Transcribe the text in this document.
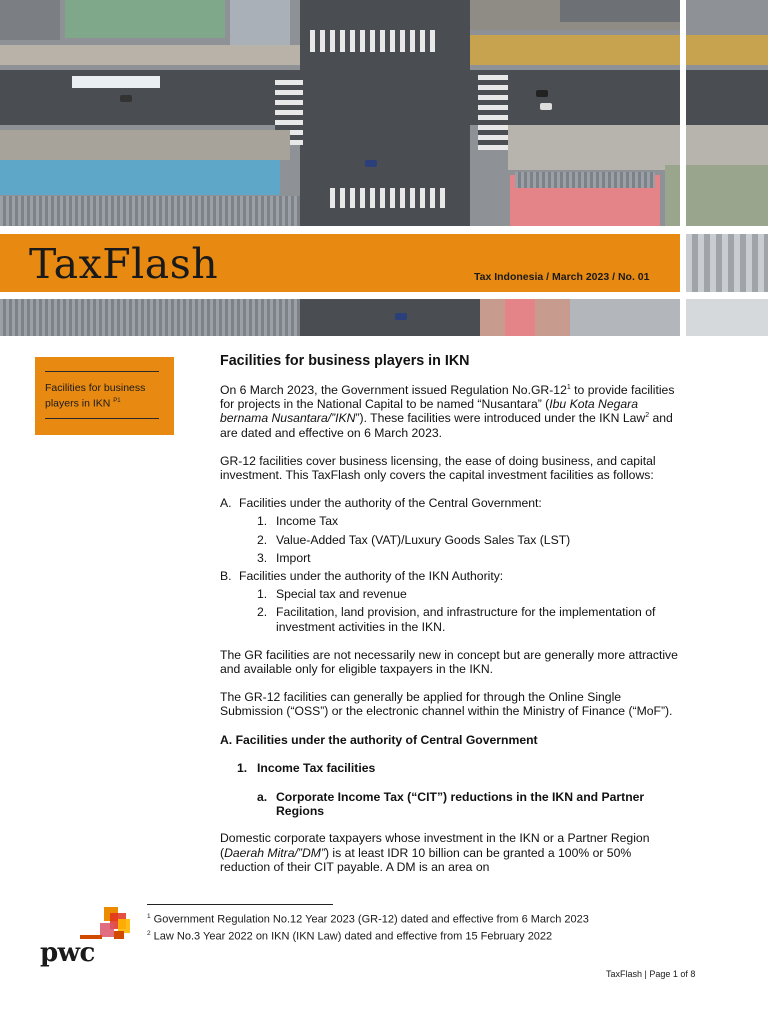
TaxFlash	Tax Indonesia / March 2023 / No. 01
Facilities for business players in IKN $^{P1}$
Facilities for business players in IKN

On 6 March 2023, the Government issued Regulation $No.GR-12^1$ to provide facilities for projects in the National Capital to be named “Nusantara” (Ibu Kota Negara bernama Nusantara/”IKN”). These facilities were introduced under the IKN Law$^2$ and are dated and effective on 6 March 2023.

GR-12 facilities cover business licensing, the ease of doing business, and capital investment. This TaxFlash only covers the capital investment facilities as follows:

A. Facilities under the authority of the Central Government:
1. Income Tax
2. Value-Added Tax (VAT)/Luxury Goods Sales Tax (LST)
3. Import
B. Facilities under the authority of the IKN Authority:
1. Special tax and revenue
2. Facilitation, land provision, and infrastructure for the implementation of investment activities in the IKN.

The GR facilities are not necessarily new in concept but are generally more attractive and available only for eligible taxpayers in the IKN.

The GR-12 facilities can generally be applied for through the Online Single Submission (“OSS”) or the electronic channel within the Ministry of Finance (“MoF”).

A. Facilities under the authority of Central Government
1. Income Tax facilities
a. Corporate Income Tax (“CIT”) reductions in the IKN and Partner Regions

Domestic corporate taxpayers whose investment in the IKN or a Partner Region (Daerah Mitra/”DM”) is at least IDR 10 billion can be granted a 100% or 50% reduction of their CIT payable. A DM is an area on

$^1$ Government Regulation No.12 Year 2023 (GR-12) dated and effective from 6 March 2023
$^2$ Law No.3 Year 2022 on IKN (IKN Law) dated and effective from 15 February 2022
pwc
TaxFlash | Page 1 of 8
